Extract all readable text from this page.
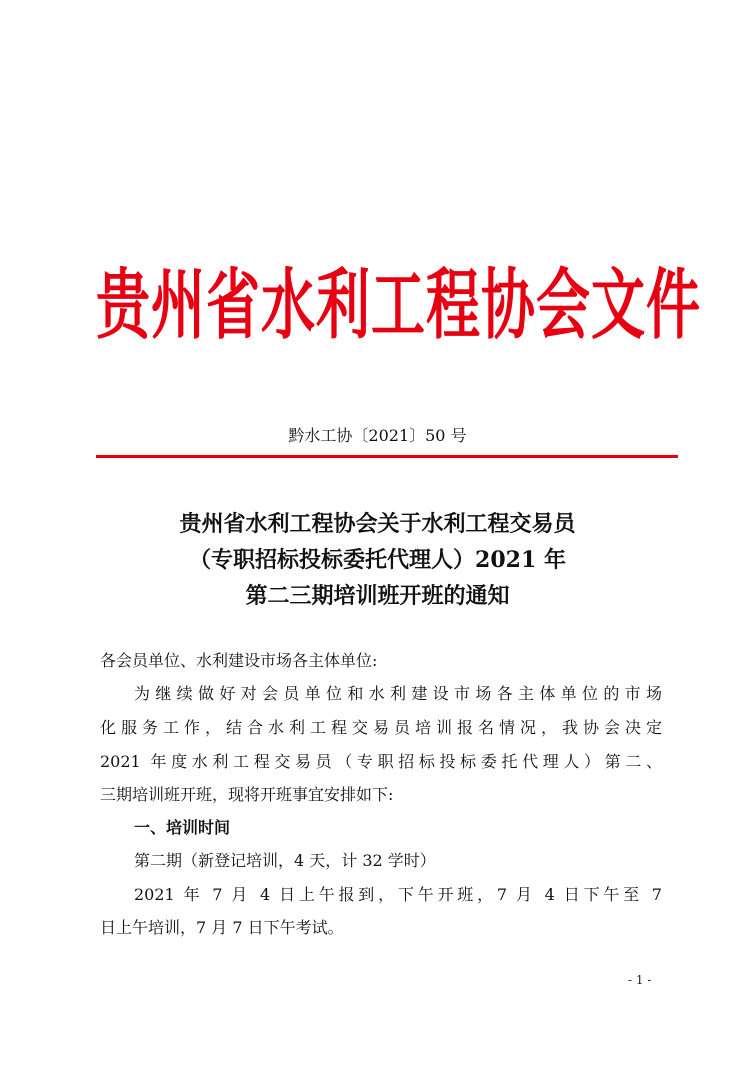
贵州省水利工程协会文件
黔水工协〔2021〕50 号
贵州省水利工程协会关于水利工程交易员
（专职招标投标委托代理人）2021 年
第二三期培训班开班的通知
各会员单位、水利建设市场各主体单位:
为继续做好对会员单位和水利建设市场各主体单位的市场
化服务工作，结合水利工程交易员培训报名情况，我协会决定
2021 年度水利工程交易员（专职招标投标委托代理人）第二、
三期培训班开班，现将开班事宜安排如下:
一、培训时间
第二期（新登记培训，4 天，计 32 学时）
2021 年 7 月 4 日上午报到，下午开班，7 月 4 日下午至 7
日上午培训，7 月 7 日下午考试。
- 1 -
